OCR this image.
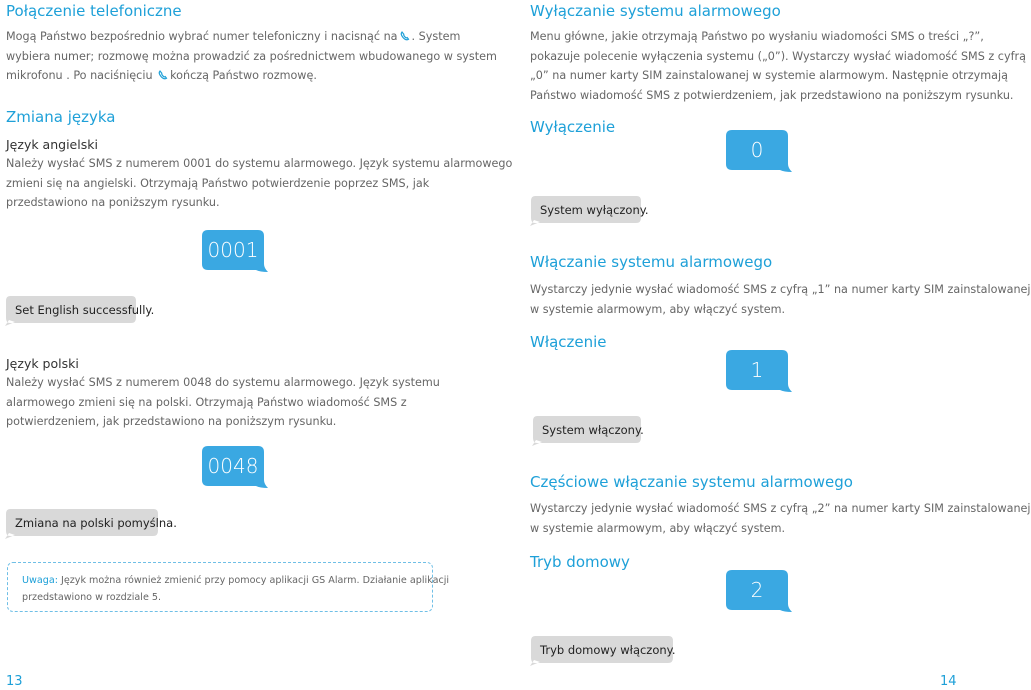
Połączenie telefoniczne
Mogą Państwo bezpośrednio wybrać numer telefoniczny i nacisnąć na . System
wybiera numer; rozmowę można prowadzić za pośrednictwem wbudowanego w system
mikrofonu . Po naciśnięciu kończą Państwo rozmowę.
Zmiana języka
Język angielski
Należy wysłać SMS z numerem 0001 do systemu alarmowego. Język systemu alarmowego
zmieni się na angielski. Otrzymają Państwo potwierdzenie poprzez SMS, jak
przedstawiono na poniższym rysunku.
0001
Set English successfully.
Język polski
Należy wysłać SMS z numerem 0048 do systemu alarmowego. Język systemu
alarmowego zmieni się na polski. Otrzymają Państwo wiadomość SMS z
potwierdzeniem, jak przedstawiono na poniższym rysunku.
0048
Zmiana na polski pomyślna.
Uwaga: Język można również zmienić przy pomocy aplikacji GS Alarm. Działanie aplikacji
przedstawiono w rozdziale 5.
13
Wyłączanie systemu alarmowego
Menu główne, jakie otrzymają Państwo po wysłaniu wiadomości SMS o treści „?”,
pokazuje polecenie wyłączenia systemu („0”). Wystarczy wysłać wiadomość SMS z cyfrą
„0” na numer karty SIM zainstalowanej w systemie alarmowym. Następnie otrzymają
Państwo wiadomość SMS z potwierdzeniem, jak przedstawiono na poniższym rysunku.
Wyłączenie
0
System wyłączony.
Włączanie systemu alarmowego
Wystarczy jedynie wysłać wiadomość SMS z cyfrą „1” na numer karty SIM zainstalowanej
w systemie alarmowym, aby włączyć system.
Włączenie
1
System włączony.
Częściowe włączanie systemu alarmowego
Wystarczy jedynie wysłać wiadomość SMS z cyfrą „2” na numer karty SIM zainstalowanej
w systemie alarmowym, aby włączyć system.
Tryb domowy
2
Tryb domowy włączony.
14
